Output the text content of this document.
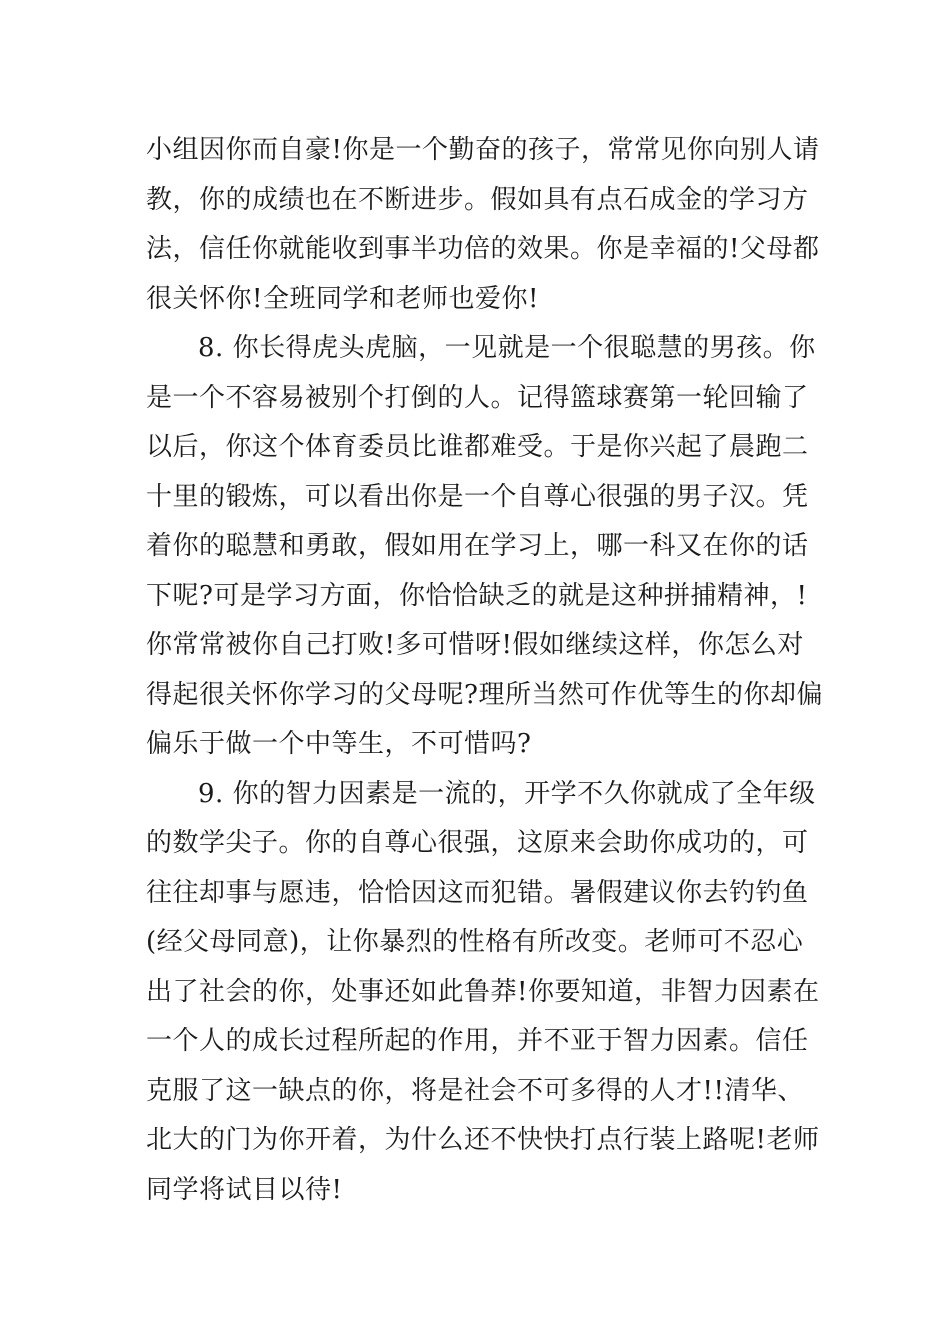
小组因你而自豪!你是一个勤奋的孩子，常常见你向别人请
教，你的成绩也在不断进步。假如具有点石成金的学习方
法，信任你就能收到事半功倍的效果。你是幸福的!父母都
很关怀你!全班同学和老师也爱你!
8. 你长得虎头虎脑，一见就是一个很聪慧的男孩。你
是一个不容易被别个打倒的人。记得篮球赛第一轮回输了
以后，你这个体育委员比谁都难受。于是你兴起了晨跑二
十里的锻炼，可以看出你是一个自尊心很强的男子汉。凭
着你的聪慧和勇敢，假如用在学习上，哪一科又在你的话
下呢?可是学习方面，你恰恰缺乏的就是这种拼捕精神，!
你常常被你自己打败!多可惜呀!假如继续这样，你怎么对
得起很关怀你学习的父母呢?理所当然可作优等生的你却偏
偏乐于做一个中等生，不可惜吗?
9. 你的智力因素是一流的，开学不久你就成了全年级
的数学尖子。你的自尊心很强，这原来会助你成功的，可
往往却事与愿违，恰恰因这而犯错。暑假建议你去钓钓鱼
(经父母同意)，让你暴烈的性格有所改变。老师可不忍心
出了社会的你，处事还如此鲁莽!你要知道，非智力因素在
一个人的成长过程所起的作用，并不亚于智力因素。信任
克服了这一缺点的你，将是社会不可多得的人才!!清华、
北大的门为你开着，为什么还不快快打点行装上路呢!老师
同学将试目以待!
